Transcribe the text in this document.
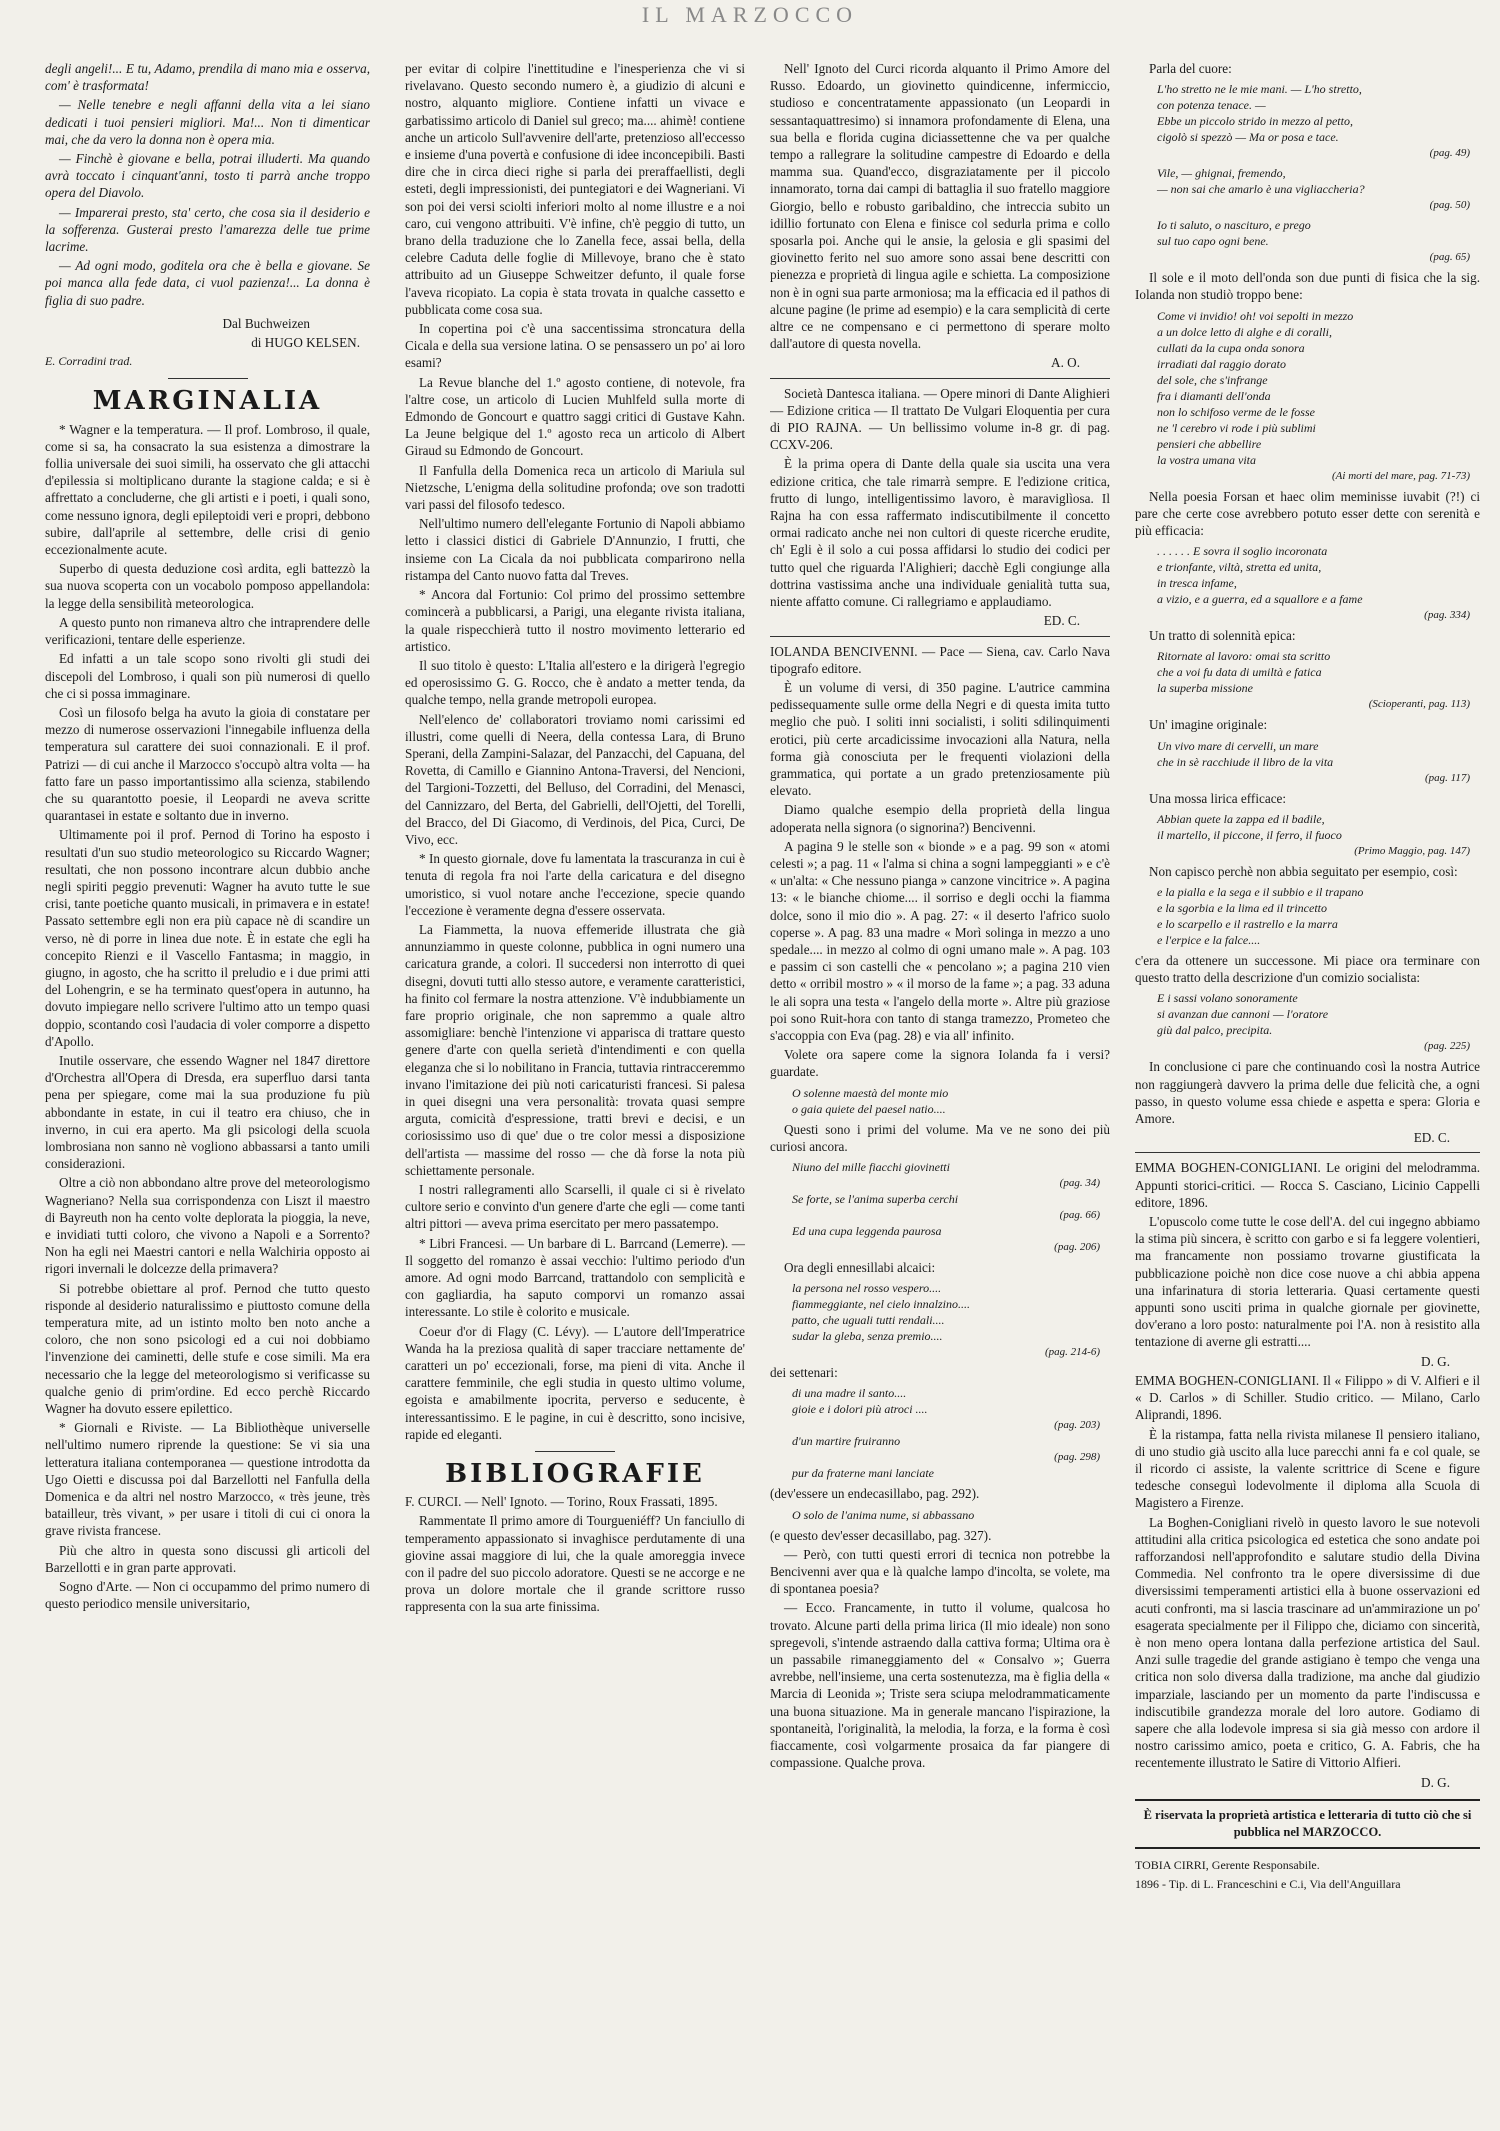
IL MARZOCCO

degli angeli!... E tu, Adamo, prendila di mano mia e osserva, com' è trasformata!

— Nelle tenebre e negli affanni della vita a lei siano dedicati i tuoi pensieri migliori. Ma!... Non ti dimenticar mai, che da vero la donna non è opera mia.

— Finchè è giovane e bella, potrai illuderti. Ma quando avrà toccato i cinquant'anni, tosto ti parrà anche troppo opera del Diavolo.

— Imparerai presto, sta' certo, che cosa sia il desiderio e la sofferenza. Gusterai presto l'amarezza delle tue prime lacrime.

— Ad ogni modo, goditela ora che è bella e giovane. Se poi manca alla fede data, ci vuol pazienza!... La donna è figlia di suo padre.

Dal Buchweizen

di HUGO KELSEN.

E. Corradini trad.

MARGINALIA

* Wagner e la temperatura. — Il prof. Lombroso, il quale, come si sa, ha consacrato la sua esistenza a dimostrare la follia universale dei suoi simili, ha osservato che gli attacchi d'epilessia si moltiplicano durante la stagione calda; e si è affrettato a concluderne, che gli artisti e i poeti, i quali sono, come nessuno ignora, degli epileptoidi veri e propri, debbono subire, dall'aprile al settembre, delle crisi di genio eccezionalmente acute.

Superbo di questa deduzione così ardita, egli battezzò la sua nuova scoperta con un vocabolo pomposo appellandola: la legge della sensibilità meteorologica.

A questo punto non rimaneva altro che intraprendere delle verificazioni, tentare delle esperienze.

Ed infatti a un tale scopo sono rivolti gli studi dei discepoli del Lombroso, i quali son più numerosi di quello che ci si possa immaginare.

Così un filosofo belga ha avuto la gioia di constatare per mezzo di numerose osservazioni l'innegabile influenza della temperatura sul carattere dei suoi connazionali. E il prof. Patrizi — di cui anche il Marzocco s'occupò altra volta — ha fatto fare un passo importantissimo alla scienza, stabilendo che su quarantotto poesie, il Leopardi ne aveva scritte quarantasei in estate e soltanto due in inverno.

Ultimamente poi il prof. Pernod di Torino ha esposto i resultati d'un suo studio meteorologico su Riccardo Wagner; resultati, che non possono incontrare alcun dubbio anche negli spiriti peggio prevenuti: Wagner ha avuto tutte le sue crisi, tante poetiche quanto musicali, in primavera e in estate! Passato settembre egli non era più capace nè di scandire un verso, nè di porre in linea due note. È in estate che egli ha concepito Rienzi e il Vascello Fantasma; in maggio, in giugno, in agosto, che ha scritto il preludio e i due primi atti del Lohengrin, e se ha terminato quest'opera in autunno, ha dovuto impiegare nello scrivere l'ultimo atto un tempo quasi doppio, scontando così l'audacia di voler comporre a dispetto d'Apollo.

Inutile osservare, che essendo Wagner nel 1847 direttore d'Orchestra all'Opera di Dresda, era superfluo darsi tanta pena per spiegare, come mai la sua produzione fu più abbondante in estate, in cui il teatro era chiuso, che in inverno, in cui era aperto. Ma gli psicologi della scuola lombrosiana non sanno nè vogliono abbassarsi a tanto umili considerazioni.

Oltre a ciò non abbondano altre prove del meteorologismo Wagneriano? Nella sua corrispondenza con Liszt il maestro di Bayreuth non ha cento volte deplorata la pioggia, la neve, e invidiati tutti coloro, che vivono a Napoli e a Sorrento? Non ha egli nei Maestri cantori e nella Walchiria opposto ai rigori invernali le dolcezze della primavera?

Si potrebbe obiettare al prof. Pernod che tutto questo risponde al desiderio naturalissimo e piuttosto comune della temperatura mite, ad un istinto molto ben noto anche a coloro, che non sono psicologi ed a cui noi dobbiamo l'invenzione dei caminetti, delle stufe e cose simili. Ma era necessario che la legge del meteorologismo si verificasse su qualche genio di prim'ordine. Ed ecco perchè Riccardo Wagner ha dovuto essere epilettico.

* Giornali e Riviste. — La Bibliothèque universelle nell'ultimo numero riprende la questione: Se vi sia una letteratura italiana contemporanea — questione introdotta da Ugo Oietti e discussa poi dal Barzellotti nel Fanfulla della Domenica e da altri nel nostro Marzocco, « très jeune, très batailleur, très vivant, » per usare i titoli di cui ci onora la grave rivista francese.

Più che altro in questa sono discussi gli articoli del Barzellotti e in gran parte approvati.

Sogno d'Arte. — Non ci occupammo del primo numero di questo periodico mensile universitario,

per evitar di colpire l'inettitudine e l'inesperienza che vi si rivelavano. Questo secondo numero è, a giudizio di alcuni e nostro, alquanto migliore. Contiene infatti un vivace e garbatissimo articolo di Daniel sul greco; ma.... ahimè! contiene anche un articolo Sull'avvenire dell'arte, pretenzioso all'eccesso e insieme d'una povertà e confusione di idee inconcepibili. Basti dire che in circa dieci righe si parla dei preraffaellisti, degli esteti, degli impressionisti, dei puntegiatori e dei Wagneriani. Vi son poi dei versi sciolti inferiori molto al nome illustre e a noi caro, cui vengono attribuiti. V'è infine, ch'è peggio di tutto, un brano della traduzione che lo Zanella fece, assai bella, della celebre Caduta delle foglie di Millevoye, brano che è stato attribuito ad un Giuseppe Schweitzer defunto, il quale forse l'aveva ricopiato. La copia è stata trovata in qualche cassetto e pubblicata come cosa sua.

In copertina poi c'è una saccentissima stroncatura della Cicala e della sua versione latina. O se pensassero un po' ai loro esami?

La Revue blanche del 1.º agosto contiene, di notevole, fra l'altre cose, un articolo di Lucien Muhlfeld sulla morte di Edmondo de Goncourt e quattro saggi critici di Gustave Kahn. La Jeune belgique del 1.º agosto reca un articolo di Albert Giraud su Edmondo de Goncourt.

Il Fanfulla della Domenica reca un articolo di Mariula sul Nietzsche, L'enigma della solitudine profonda; ove son tradotti vari passi del filosofo tedesco.

Nell'ultimo numero dell'elegante Fortunio di Napoli abbiamo letto i classici distici di Gabriele D'Annunzio, I frutti, che insieme con La Cicala da noi pubblicata comparirono nella ristampa del Canto nuovo fatta dal Treves.

* Ancora dal Fortunio: Col primo del prossimo settembre comincerà a pubblicarsi, a Parigi, una elegante rivista italiana, la quale rispecchierà tutto il nostro movimento letterario ed artistico.

Il suo titolo è questo: L'Italia all'estero e la dirigerà l'egregio ed operosissimo G. G. Rocco, che è andato a metter tenda, da qualche tempo, nella grande metropoli europea.

Nell'elenco de' collaboratori troviamo nomi carissimi ed illustri, come quelli di Neera, della contessa Lara, di Bruno Sperani, della Zampini-Salazar, del Panzacchi, del Capuana, del Rovetta, di Camillo e Giannino Antona-Traversi, del Nencioni, del Targioni-Tozzetti, del Belluso, del Corradini, del Menasci, del Cannizzaro, del Berta, del Gabrielli, dell'Ojetti, del Torelli, del Bracco, del Di Giacomo, di Verdinois, del Pica, Curci, De Vivo, ecc.

* In questo giornale, dove fu lamentata la trascuranza in cui è tenuta di regola fra noi l'arte della caricatura e del disegno umoristico, si vuol notare anche l'eccezione, specie quando l'eccezione è veramente degna d'essere osservata.

La Fiammetta, la nuova effemeride illustrata che già annunziammo in queste colonne, pubblica in ogni numero una caricatura grande, a colori. Il succedersi non interrotto di quei disegni, dovuti tutti allo stesso autore, e veramente caratteristici, ha finito col fermare la nostra attenzione. V'è indubbiamente un fare proprio originale, che non sapremmo a quale altro assomigliare: benchè l'intenzione vi apparisca di trattare questo genere d'arte con quella serietà d'intendimenti e con quella eleganza che si lo nobilitano in Francia, tuttavia rintracceremmo invano l'imitazione dei più noti caricaturisti francesi. Si palesa in quei disegni una vera personalità: trovata quasi sempre arguta, comicità d'espressione, tratti brevi e decisi, e un coriosissimo uso di que' due o tre color messi a disposizione dell'artista — massime del rosso — che dà forse la nota più schiettamente personale.

I nostri rallegramenti allo Scarselli, il quale ci si è rivelato cultore serio e convinto d'un genere d'arte che egli — come tanti altri pittori — aveva prima esercitato per mero passatempo.

* Libri Francesi. — Un barbare di L. Barrcand (Lemerre). — Il soggetto del romanzo è assai vecchio: l'ultimo periodo d'un amore. Ad ogni modo Barrcand, trattandolo con semplicità e con gagliardia, ha saputo comporvi un romanzo assai interessante. Lo stile è colorito e musicale.

Coeur d'or di Flagy (C. Lévy). — L'autore dell'Imperatrice Wanda ha la preziosa qualità di saper tracciare nettamente de' caratteri un po' eccezionali, forse, ma pieni di vita. Anche il carattere femminile, che egli studia in questo ultimo volume, egoista e amabilmente ipocrita, perverso e seducente, è interessantissimo. E le pagine, in cui è descritto, sono incisive, rapide ed eleganti.

BIBLIOGRAFIE

F. CURCI. — Nell' Ignoto. — Torino, Roux Frassati, 1895.

Rammentate Il primo amore di Tourgueniéff? Un fanciullo di temperamento appassionato si invaghisce perdutamente di una giovine assai maggiore di lui, che la quale amoreggia invece con il padre del suo piccolo adoratore. Questi se ne accorge e ne prova un dolore mortale che il grande scrittore russo rappresenta con la sua arte finissima.

Nell' Ignoto del Curci ricorda alquanto il Primo Amore del Russo. Edoardo, un giovinetto quindicenne, infermiccio, studioso e concentratamente appassionato (un Leopardi in sessantaquattresimo) si innamora profondamente di Elena, una sua bella e florida cugina diciassettenne che va per qualche tempo a rallegrare la solitudine campestre di Edoardo e della mamma sua. Quand'ecco, disgraziatamente per il piccolo innamorato, torna dai campi di battaglia il suo fratello maggiore Giorgio, bello e robusto garibaldino, che intreccia subito un idillio fortunato con Elena e finisce col sedurla prima e collo sposarla poi. Anche qui le ansie, la gelosia e gli spasimi del giovinetto ferito nel suo amore sono assai bene descritti con pienezza e proprietà di lingua agile e schietta. La composizione non è in ogni sua parte armoniosa; ma la efficacia ed il pathos di alcune pagine (le prime ad esempio) e la cara semplicità di certe altre ce ne compensano e ci permettono di sperare molto dall'autore di questa novella.

A. O.

Società Dantesca italiana. — Opere minori di Dante Alighieri — Edizione critica — Il trattato De Vulgari Eloquentia per cura di PIO RAJNA. — Un bellissimo volume in-8 gr. di pag. CCXV-206.

È la prima opera di Dante della quale sia uscita una vera edizione critica, che tale rimarrà sempre. E l'edizione critica, frutto di lungo, intelligentissimo lavoro, è maraviglìosa. Il Rajna ha con essa raffermato indiscutibilmente il concetto ormai radicato anche nei non cultori di queste ricerche erudite, ch' Egli è il solo a cui possa affidarsi lo studio dei codici per tutto quel che riguarda l'Alighieri; dacchè Egli congiunge alla dottrina vastissima anche una individuale genialità tutta sua, niente affatto comune. Ci rallegriamo e applaudiamo.

ED. C.

IOLANDA BENCIVENNI. — Pace — Siena, cav. Carlo Nava tipografo editore.

È un volume di versi, di 350 pagine. L'autrice cammina pedissequamente sulle orme della Negri e di questa imita tutto meglio che può. I soliti inni socialisti, i soliti sdilinquimenti erotici, più certe arcadicissime invocazioni alla Natura, nella forma già conosciuta per le frequenti violazioni della grammatica, qui portate a un grado pretenziosamente più elevato.

Diamo qualche esempio della proprietà della lingua adoperata nella signora (o signorina?) Bencivenni.

A pagina 9 le stelle son « bionde » e a pag. 99 son « atomi celesti »; a pag. 11 « l'alma si china a sogni lampeggianti » e c'è « un'alta: « Che nessuno pianga » canzone vincitrice ». A pagina 13: « le bianche chiome.... il sorriso e degli occhi la fiamma dolce, sono il mio dio ». A pag. 27: « il deserto l'africo suolo coperse ». A pag. 83 una madre « Morì solinga in mezzo a uno spedale.... in mezzo al colmo di ogni umano male ». A pag. 103 e passim ci son castelli che « pencolano »; a pagina 210 vien detto « orribil mostro » « il morso de la fame »; a pag. 33 aduna le ali sopra una testa « l'angelo della morte ». Altre più graziose poi sono Ruit-hora con tanto di stanga tramezzo, Prometeo che s'accoppia con Eva (pag. 28) e via all' infinito.

Volete ora sapere come la signora Iolanda fa i versi? guardate.

O solenne maestà del monte mio
o gaia quiete del paesel natio....

Questi sono i primi del volume. Ma ve ne sono dei più curiosi ancora.

Niuno del mille fiacchi giovinetti
(pag. 34)
Se forte, se l'anima superba cerchi
(pag. 66)
Ed una cupa leggenda paurosa
(pag. 206)

Ora degli ennesillabi alcaici:

la persona nel rosso vespero....
fiammeggiante, nel cielo innalzino....
patto, che uguali tutti rendali....
sudar la gleba, senza premio....
(pag. 214-6)

dei settenari:

di una madre il santo....
gioie e i dolori più atroci ....
(pag. 203)
d'un martire fruiranno
(pag. 298)
pur da fraterne mani lanciate

(dev'essere un endecasillabo, pag. 292).

O solo de l'anima nume, si abbassano

(e questo dev'esser decasillabo, pag. 327).

— Però, con tutti questi errori di tecnica non potrebbe la Bencivenni aver qua e là qualche lampo d'incolta, se volete, ma di spontanea poesia?

— Ecco. Francamente, in tutto il volume, qualcosa ho trovato. Alcune parti della prima lirica (Il mio ideale) non sono spregevoli, s'intende astraendo dalla cattiva forma; Ultima ora è un passabile rimaneggiamento del « Consalvo »; Guerra avrebbe, nell'insieme, una certa sostenutezza, ma è figlia della « Marcia di Leonida »; Triste sera sciupa melodrammaticamente una buona situazione. Ma in generale mancano l'ispirazione, la spontaneità, l'originalità, la melodia, la forza, e la forma è così fiaccamente, così volgarmente prosaica da far piangere di compassione. Qualche prova.

Parla del cuore:

L'ho stretto ne le mie mani. — L'ho stretto,
con potenza tenace. —
Ebbe un piccolo strido in mezzo al petto,
cigolò si spezzò — Ma or posa e tace.
(pag. 49)
Vile, — ghignai, fremendo,
— non sai che amarlo è una vigliaccheria?
(pag. 50)
Io ti saluto, o nascituro, e prego
sul tuo capo ogni bene.
(pag. 65)

Il sole e il moto dell'onda son due punti di fisica che la sig. Iolanda non studiò troppo bene:

Come vi invidio! oh! voi sepolti in mezzo
a un dolce letto di alghe e di coralli,
cullati da la cupa onda sonora
irradiati dal raggio dorato
del sole, che s'infrange
fra i diamanti dell'onda
non lo schifoso verme de le fosse
ne 'l cerebro vi rode i più sublimi
pensieri che abbellire
la vostra umana vita
(Ai morti del mare, pag. 71-73)

Nella poesia Forsan et haec olim meminisse iuvabit (?!) ci pare che certe cose avrebbero potuto esser dette con serenità e più efficacia:

. . . . . . E sovra il soglio incoronata
e trionfante, viltà, stretta ed unita,
in tresca infame,
a vizio, e a guerra, ed a squallore e a fame
(pag. 334)

Un tratto di solennità epica:

Ritornate al lavoro: omai sta scritto
che a voi fu data di umiltà e fatica
la superba missione
(Scioperanti, pag. 113)

Un' imagine originale:

Un vivo mare di cervelli, un mare
che in sè racchiude il libro de la vita
(pag. 117)

Una mossa lirica efficace:

Abbian quete la zappa ed il badile,
il martello, il piccone, il ferro, il fuoco
(Primo Maggio, pag. 147)

Non capisco perchè non abbia seguitato per esempio, così:

e la pialla e la sega e il subbio e il trapano
e la sgorbia e la lima ed il trincetto
e lo scarpello e il rastrello e la marra
e l'erpice e la falce....

c'era da ottenere un successone. Mi piace ora terminare con questo tratto della descrizione d'un comizio socialista:

E i sassi volano sonoramente
si avanzan due cannoni — l'oratore
giù dal palco, precipita.
(pag. 225)

In conclusione ci pare che continuando così la nostra Autrice non raggiungerà davvero la prima delle due felicità che, a ogni passo, in questo volume essa chiede e aspetta e spera: Gloria e Amore.

ED. C.

EMMA BOGHEN-CONIGLIANI. Le origini del melodramma. Appunti storici-critici. — Rocca S. Casciano, Licinio Cappelli editore, 1896.

L'opuscolo come tutte le cose dell'A. del cui ingegno abbiamo la stima più sincera, è scritto con garbo e si fa leggere volentieri, ma francamente non possiamo trovarne giustificata la pubblicazione poichè non dice cose nuove a chi abbia appena una infarinatura di storia letteraria. Quasi certamente questi appunti sono usciti prima in qualche giornale per giovinette, dov'erano a loro posto: naturalmente poi l'A. non à resistito alla tentazione di averne gli estratti....

D. G.

EMMA BOGHEN-CONIGLIANI. Il « Filippo » di V. Alfieri e il « D. Carlos » di Schiller. Studio critico. — Milano, Carlo Aliprandi, 1896.

È la ristampa, fatta nella rivista milanese Il pensiero italiano, di uno studio già uscito alla luce parecchi anni fa e col quale, se il ricordo ci assiste, la valente scrittrice di Scene e figure tedesche conseguì lodevolmente il diploma alla Scuola di Magistero a Firenze.

La Boghen-Conigliani rivelò in questo lavoro le sue notevoli attitudini alla critica psicologica ed estetica che sono andate poi rafforzandosi nell'approfondito e salutare studio della Divina Commedia. Nel confronto tra le opere diversissime di due diversissimi temperamenti artistici ella à buone osservazioni ed acuti confronti, ma si lascia trascinare ad un'ammirazione un po' esagerata specialmente per il Filippo che, diciamo con sincerità, è non meno opera lontana dalla perfezione artistica del Saul. Anzi sulle tragedie del grande astigiano è tempo che venga una critica non solo diversa dalla tradizione, ma anche dal giudizio imparziale, lasciando per un momento da parte l'indiscussa e indiscutibile grandezza morale del loro autore. Godiamo di sapere che alla lodevole impresa si sia già messo con ardore il nostro carissimo amico, poeta e critico, G. A. Fabris, che ha recentemente illustrato le Satire di Vittorio Alfieri.

D. G.

È riservata la proprietà artistica e letteraria di tutto ciò che si pubblica nel MARZOCCO.

TOBIA CIRRI, Gerente Responsabile.

1896 - Tip. di L. Franceschini e C.i, Via dell'Anguillara
